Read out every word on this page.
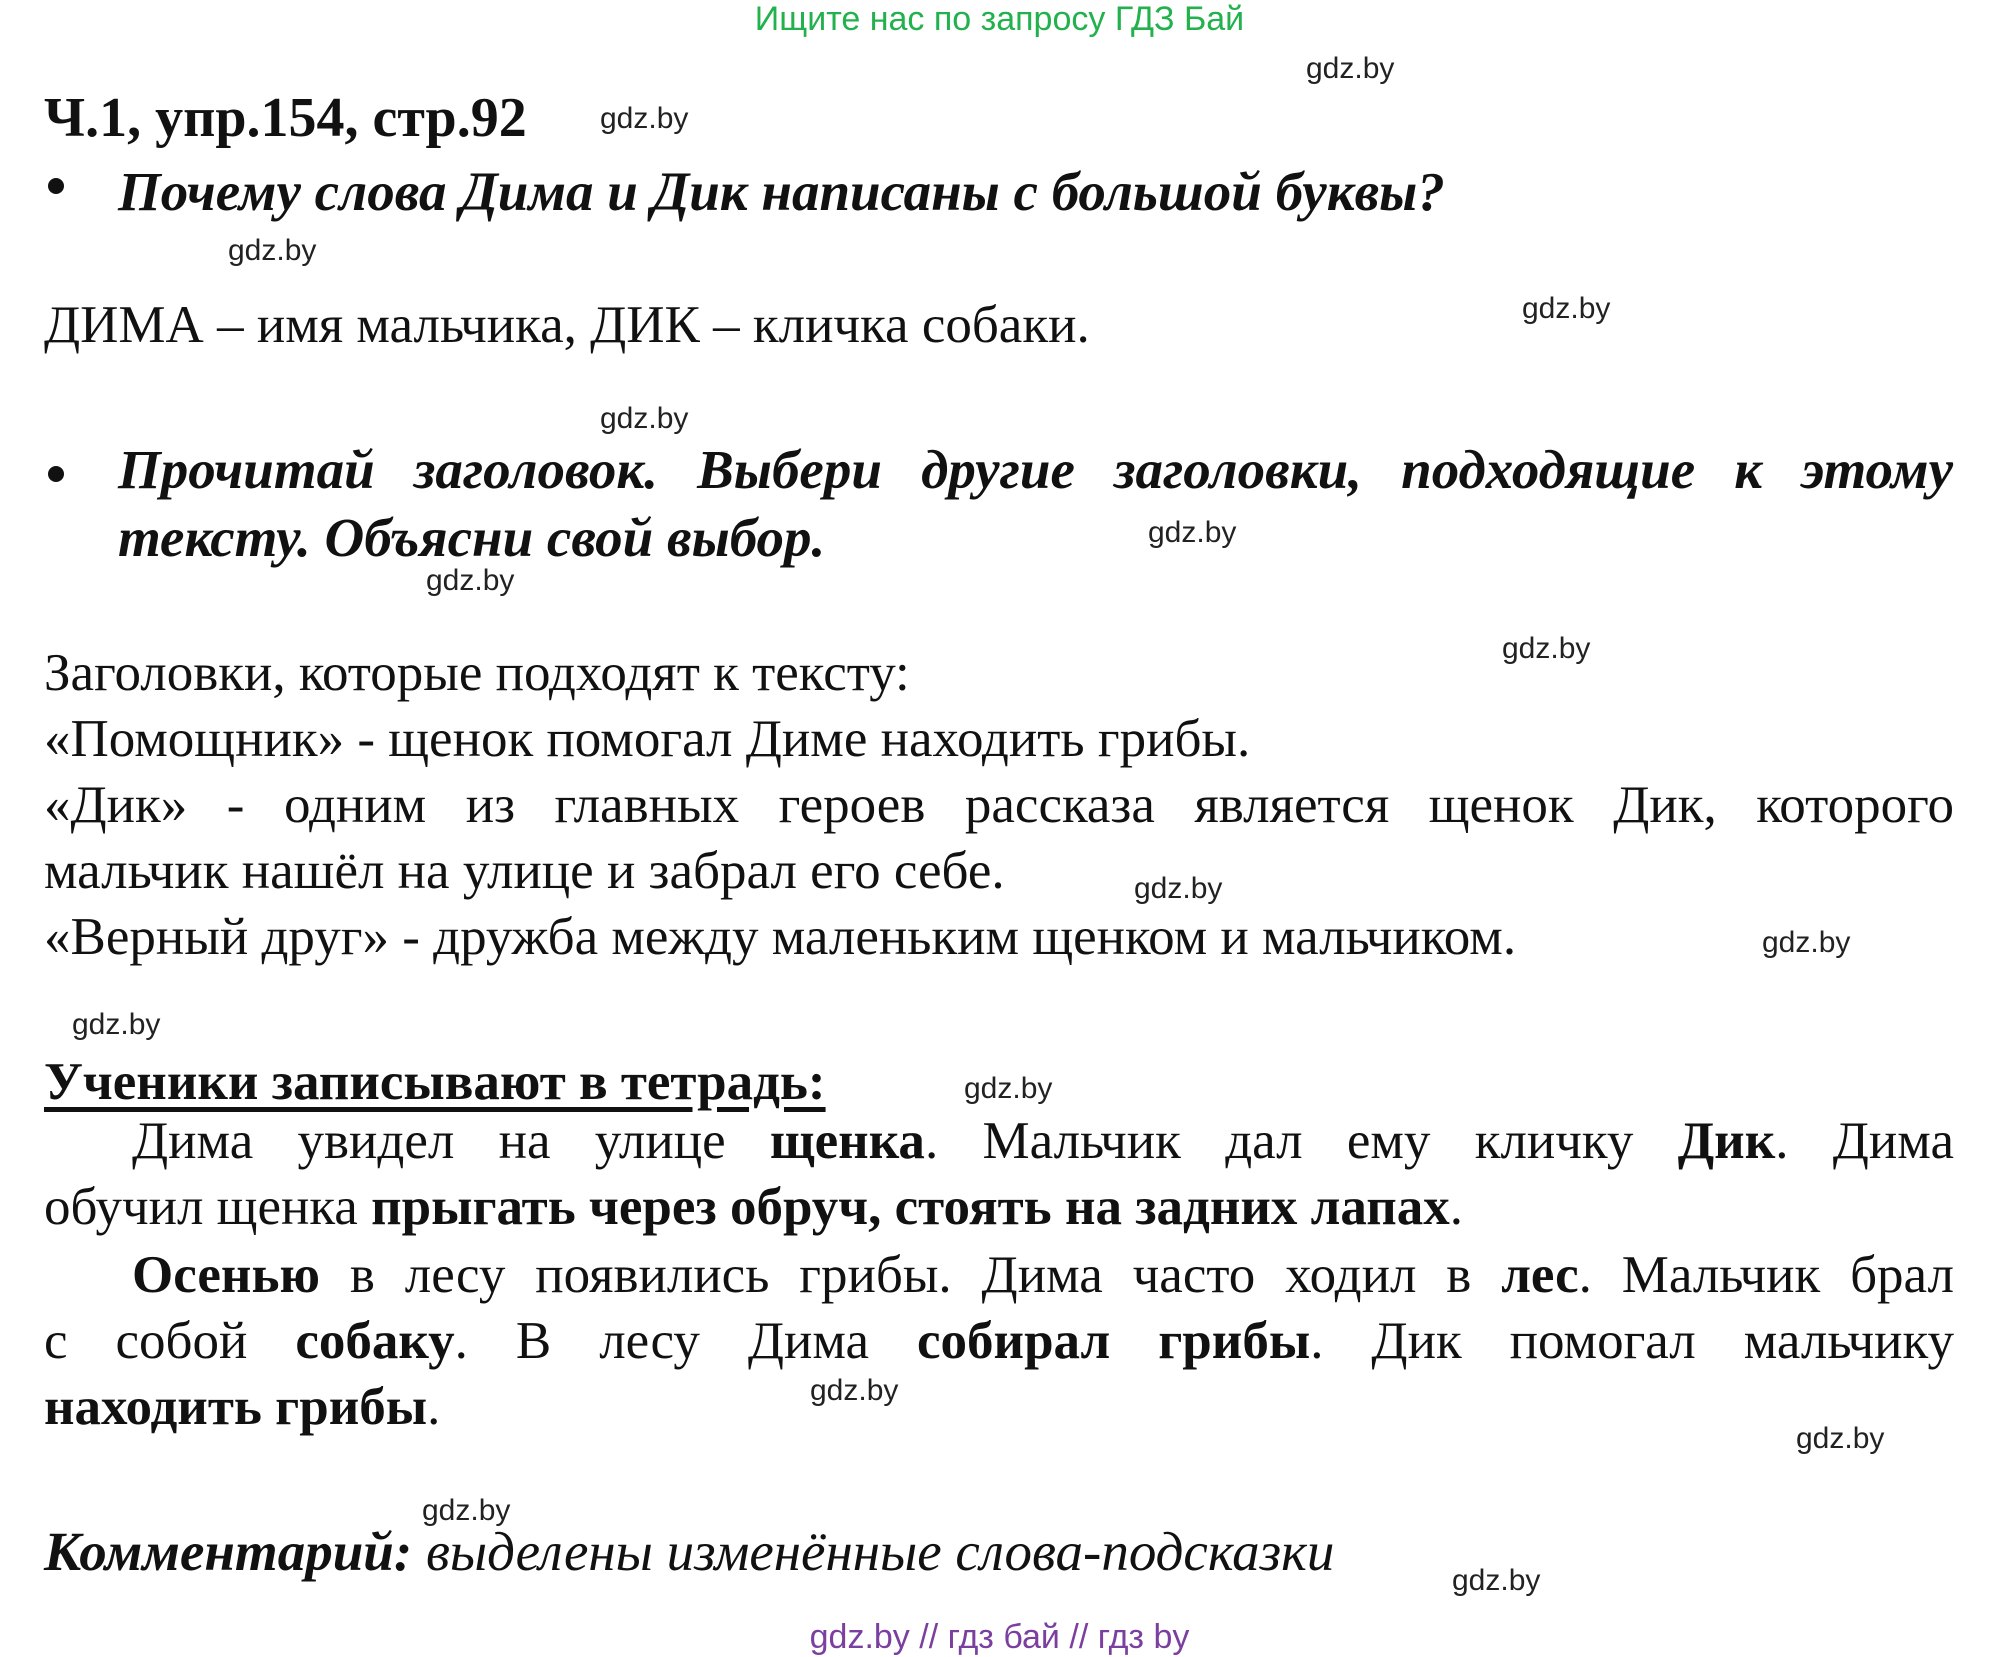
Ищите нас по запросу ГДЗ Бай
Ч.1, упр.154, стр.92
Почему слова Дима и Дик написаны с большой буквы?
ДИМА – имя мальчика, ДИК – кличка собаки.
Прочитай заголовок. Выбери другие заголовки, подходящие к этому
тексту. Объясни свой выбор.
Заголовки, которые подходят к тексту:
«Помощник» - щенок помогал Диме находить грибы.
«Дик» - одним из главных героев рассказа является щенок Дик, которого
мальчик нашёл на улице и забрал его себе.
«Верный друг» - дружба между маленьким щенком и мальчиком.
Ученики записывают в тетрадь:
Дима увидел на улице щенка. Мальчик дал ему кличку Дик. Дима
обучил щенка прыгать через обруч, стоять на задних лапах.
Осенью в лесу появились грибы. Дима часто ходил в лес. Мальчик брал
с собой собаку. В лесу Дима собирал грибы. Дик помогал мальчику
находить грибы.
Комментарий: выделены изменённые слова-подсказки
gdz.by // гдз бай // гдз by
gdz.by
gdz.by
gdz.by
gdz.by
gdz.by
gdz.by
gdz.by
gdz.by
gdz.by
gdz.by
gdz.by
gdz.by
gdz.by
gdz.by
gdz.by
gdz.by
